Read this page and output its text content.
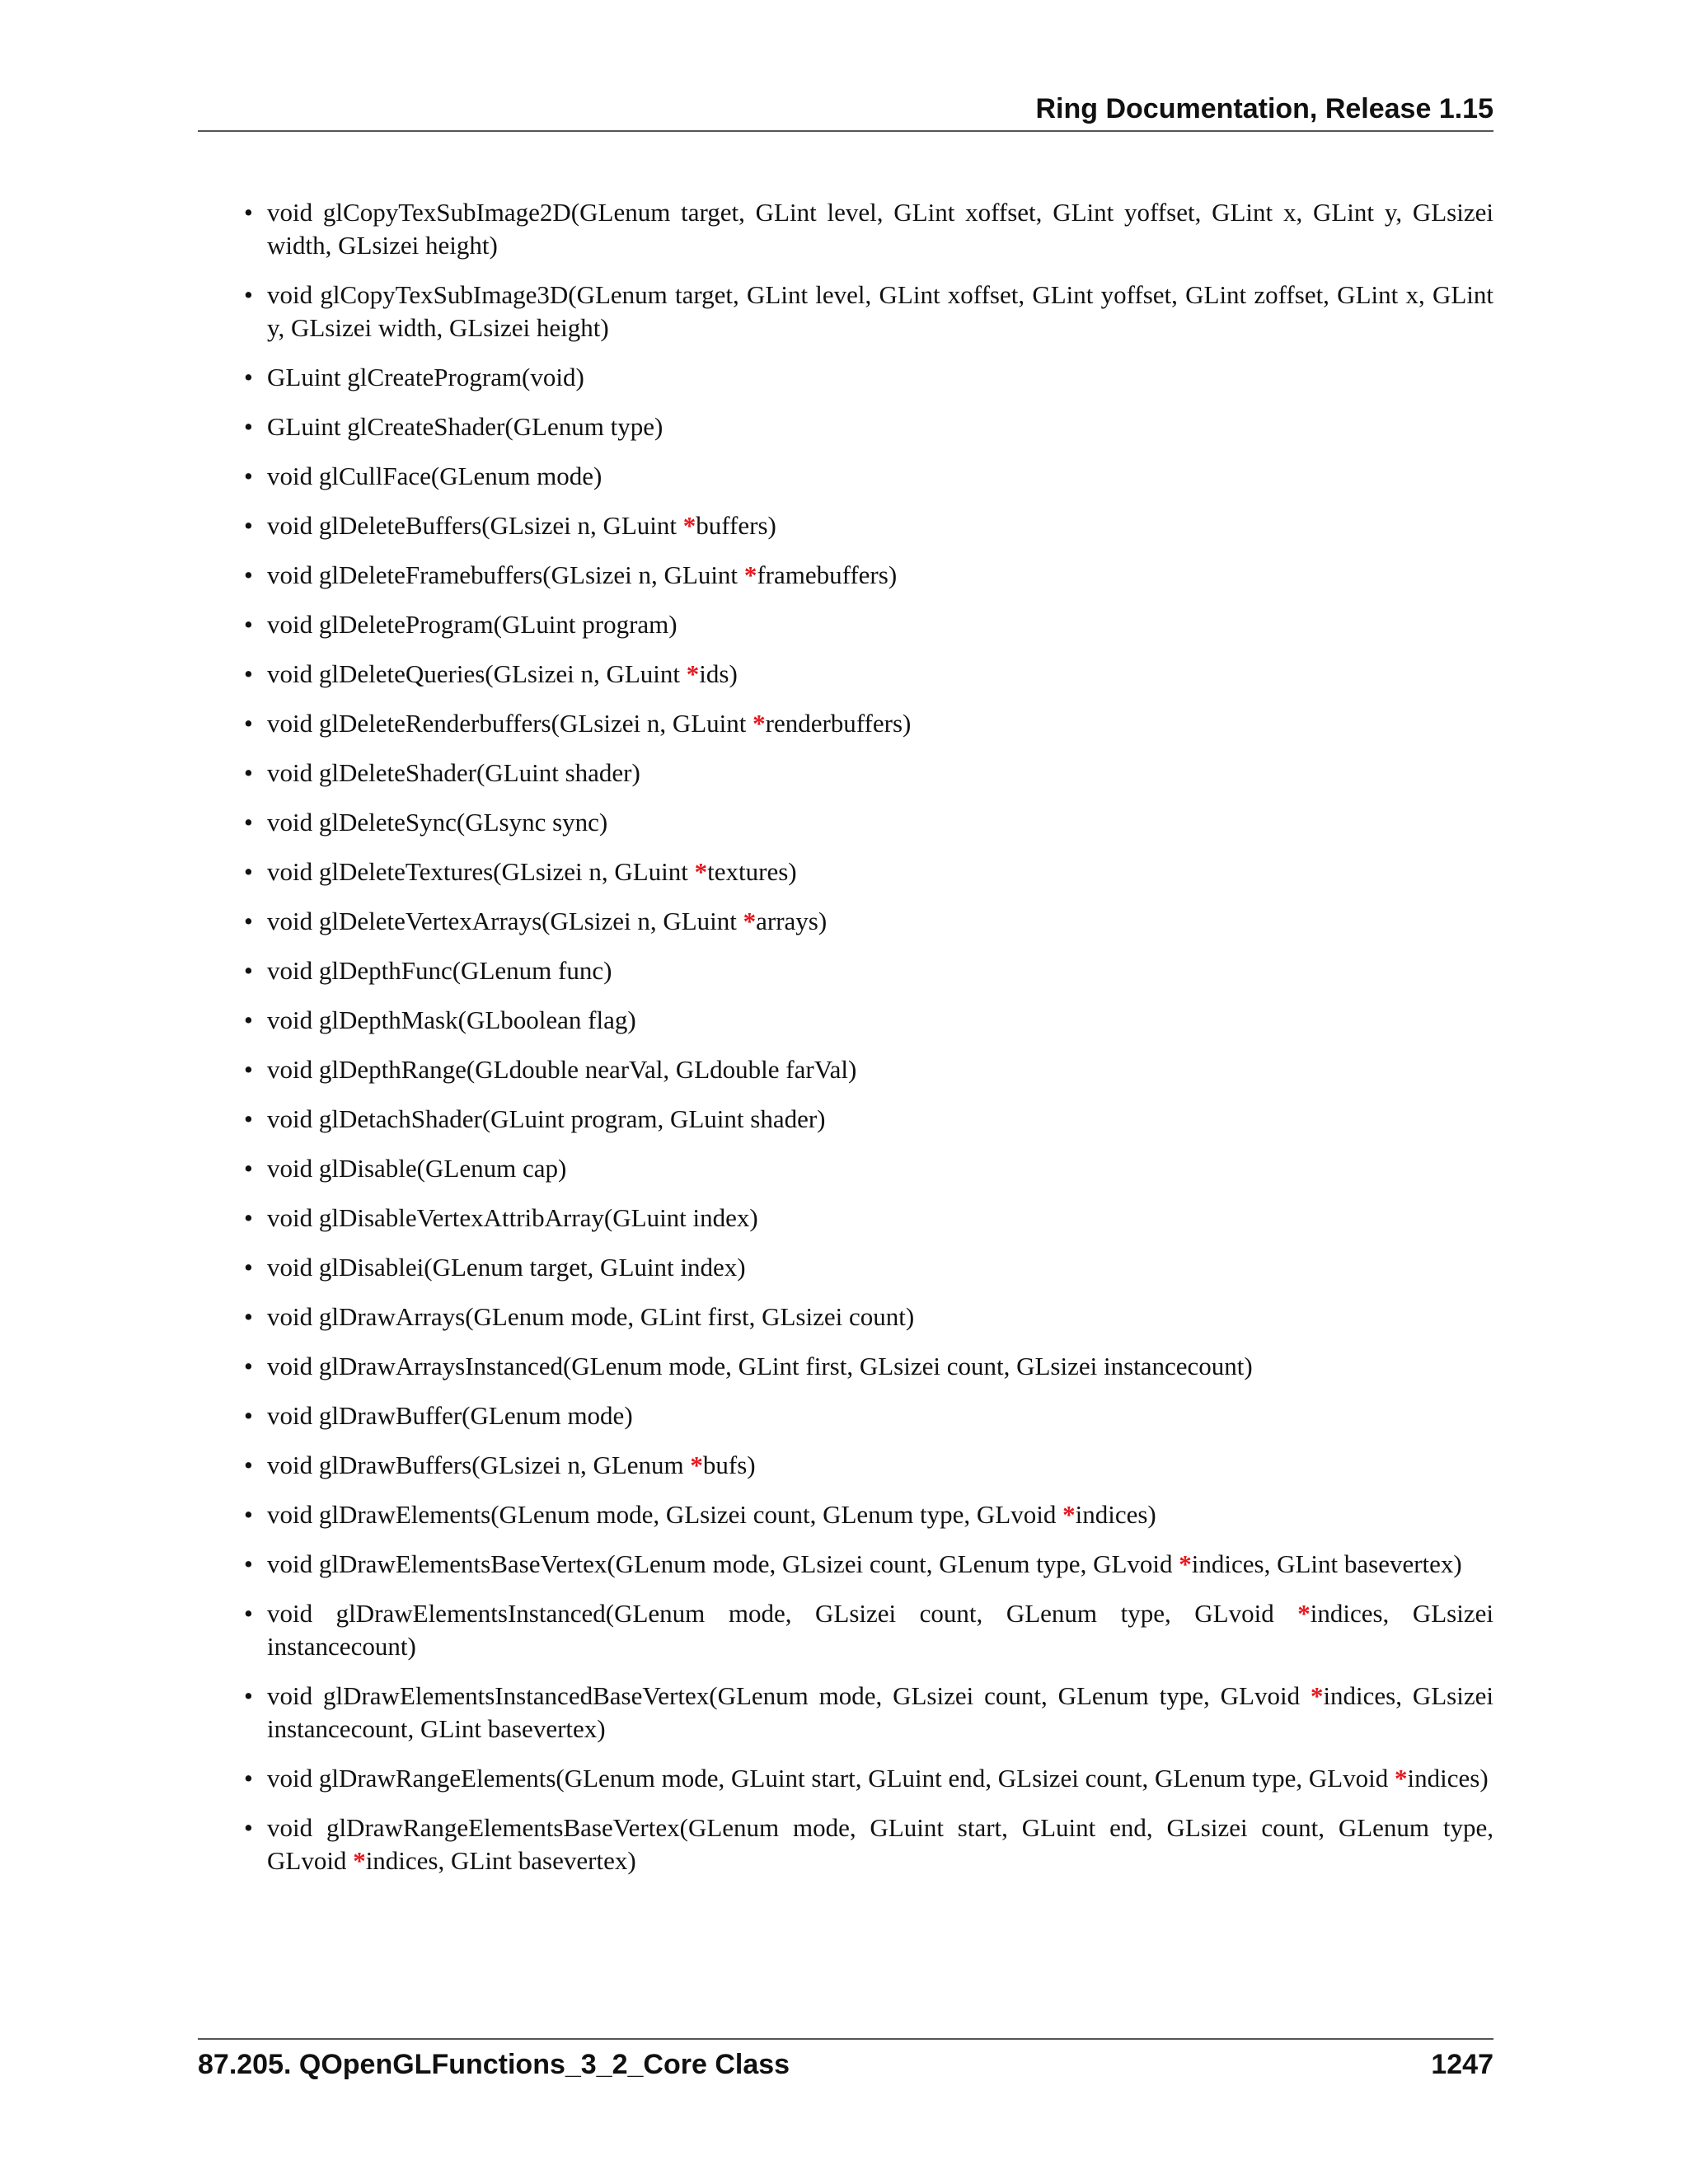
Ring Documentation, Release 1.15
• void glCopyTexSubImage2D(GLenum target, GLint level, GLint xoffset, GLint yoffset, GLint x, GLint y, GLsizei width, GLsizei height)
• void glCopyTexSubImage3D(GLenum target, GLint level, GLint xoffset, GLint yoffset, GLint zoffset, GLint x, GLint y, GLsizei width, GLsizei height)
• GLuint glCreateProgram(void)
• GLuint glCreateShader(GLenum type)
• void glCullFace(GLenum mode)
• void glDeleteBuffers(GLsizei n, GLuint *buffers)
• void glDeleteFramebuffers(GLsizei n, GLuint *framebuffers)
• void glDeleteProgram(GLuint program)
• void glDeleteQueries(GLsizei n, GLuint *ids)
• void glDeleteRenderbuffers(GLsizei n, GLuint *renderbuffers)
• void glDeleteShader(GLuint shader)
• void glDeleteSync(GLsync sync)
• void glDeleteTextures(GLsizei n, GLuint *textures)
• void glDeleteVertexArrays(GLsizei n, GLuint *arrays)
• void glDepthFunc(GLenum func)
• void glDepthMask(GLboolean flag)
• void glDepthRange(GLdouble nearVal, GLdouble farVal)
• void glDetachShader(GLuint program, GLuint shader)
• void glDisable(GLenum cap)
• void glDisableVertexAttribArray(GLuint index)
• void glDisablei(GLenum target, GLuint index)
• void glDrawArrays(GLenum mode, GLint first, GLsizei count)
• void glDrawArraysInstanced(GLenum mode, GLint first, GLsizei count, GLsizei instancecount)
• void glDrawBuffer(GLenum mode)
• void glDrawBuffers(GLsizei n, GLenum *bufs)
• void glDrawElements(GLenum mode, GLsizei count, GLenum type, GLvoid *indices)
• void glDrawElementsBaseVertex(GLenum mode, GLsizei count, GLenum type, GLvoid *indices, GLint basevertex)
• void glDrawElementsInstanced(GLenum mode, GLsizei count, GLenum type, GLvoid *indices, GLsizei instancecount)
• void glDrawElementsInstancedBaseVertex(GLenum mode, GLsizei count, GLenum type, GLvoid *indices, GLsizei instancecount, GLint basevertex)
• void glDrawRangeElements(GLenum mode, GLuint start, GLuint end, GLsizei count, GLenum type, GLvoid *indices)
• void glDrawRangeElementsBaseVertex(GLenum mode, GLuint start, GLuint end, GLsizei count, GLenum type, GLvoid *indices, GLint basevertex)
87.205. QOpenGLFunctions_3_2_Core Class	1247
